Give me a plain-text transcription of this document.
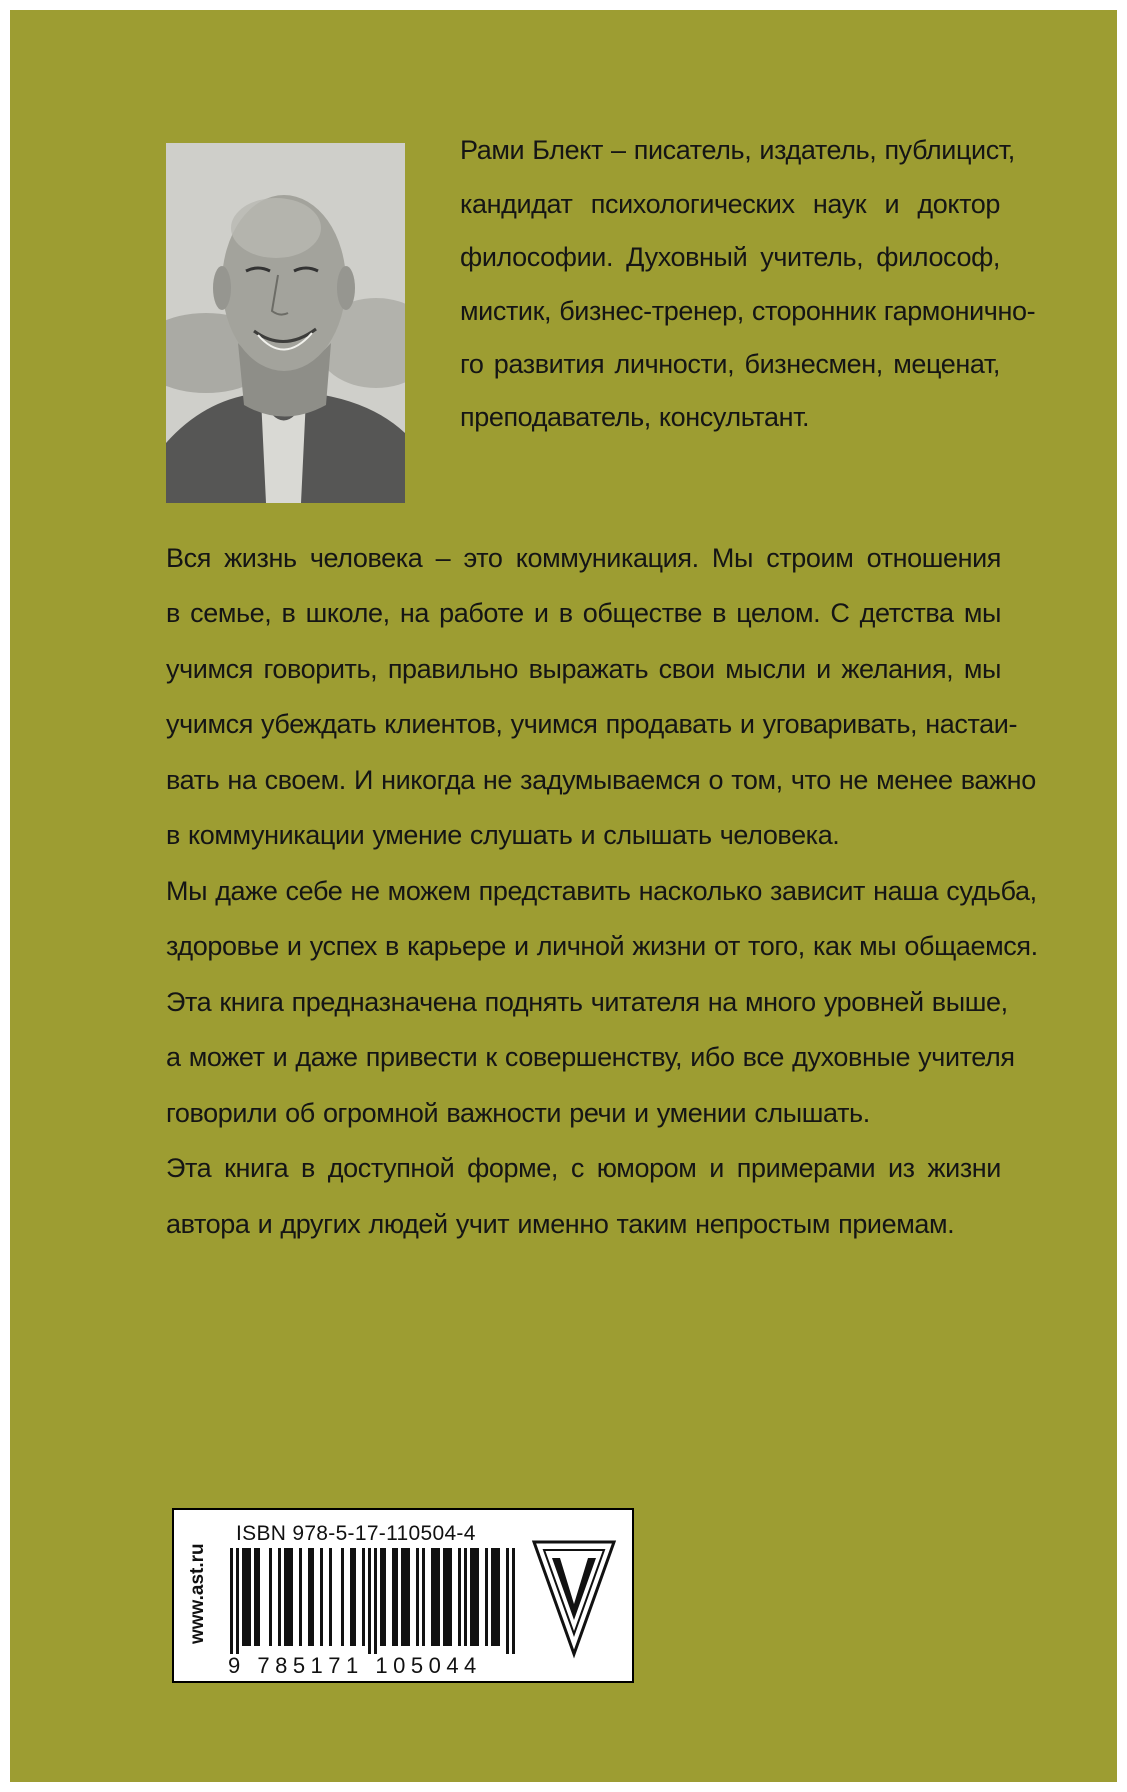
Рами Блект – писатель, издатель, публицист,
кандидат психологических наук и доктор
философии. Духовный учитель, философ,
мистик, бизнес-тренер, сторонник гармонично-
го развития личности, бизнесмен, меценат,
преподаватель, консультант.
Вся жизнь человека – это коммуникация. Мы строим отношения
в семье, в школе, на работе и в обществе в целом. С детства мы
учимся говорить, правильно выражать свои мысли и желания, мы
учимся убеждать клиентов, учимся продавать и уговаривать, настаи-
вать на своем. И никогда не задумываемся о том, что не менее важно
в коммуникации умение слушать и слышать человека.
Мы даже себе не можем представить насколько зависит наша судьба,
здоровье и успех в карьере и личной жизни от того, как мы общаемся.
Эта книга предназначена поднять читателя на много уровней выше,
а может и даже привести к совершенству, ибо все духовные учителя
говорили об огромной важности речи и умении слышать.
Эта книга в доступной форме, с юмором и примерами из жизни
автора и других людей учит именно таким непростым приемам.
www.ast.ru
ISBN 978-5-17-110504-4
9 785171 105044
